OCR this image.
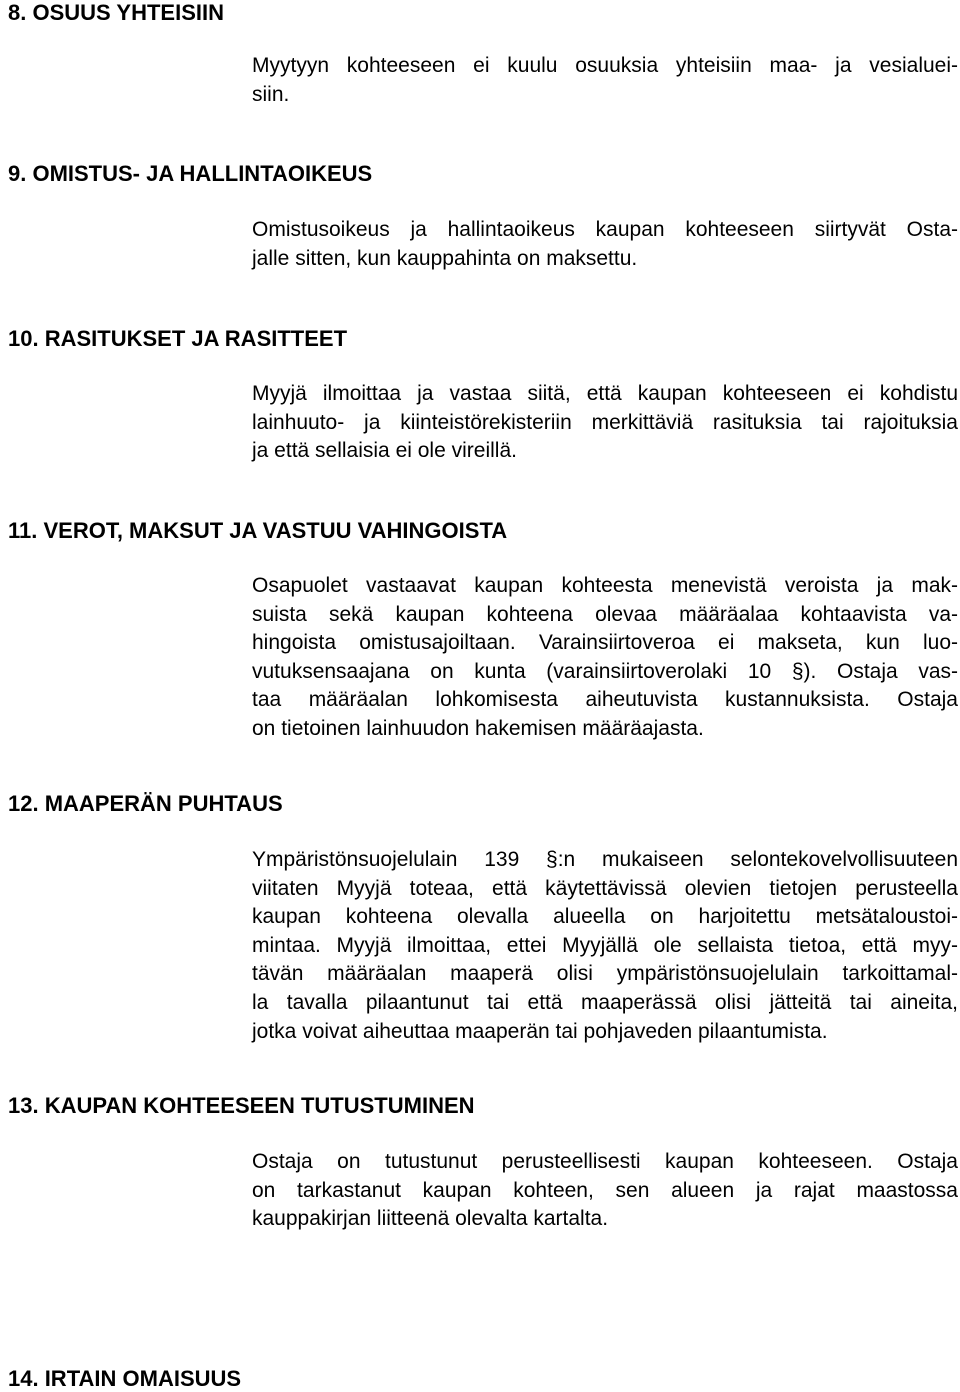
8. OSUUS YHTEISIIN
Myytyyn kohteeseen ei kuulu osuuksia yhteisiin maa- ja vesialuei-
siin.
9. OMISTUS- JA HALLINTAOIKEUS
Omistusoikeus ja hallintaoikeus kaupan kohteeseen siirtyvät Osta-
jalle sitten, kun kauppahinta on maksettu.
10. RASITUKSET JA RASITTEET
Myyjä ilmoittaa ja vastaa siitä, että kaupan kohteeseen ei kohdistu
lainhuuto- ja kiinteistörekisteriin merkittäviä rasituksia tai rajoituksia
ja että sellaisia ei ole vireillä.
11. VEROT, MAKSUT JA VASTUU VAHINGOISTA
Osapuolet vastaavat kaupan kohteesta menevistä veroista ja mak-
suista sekä kaupan kohteena olevaa määräalaa kohtaavista va-
hingoista omistusajoiltaan. Varainsiirtoveroa ei makseta, kun luo-
vutuksensaajana on kunta (varainsiirtoverolaki 10 §). Ostaja vas-
taa määräalan lohkomisesta aiheutuvista kustannuksista. Ostaja
on tietoinen lainhuudon hakemisen määräajasta.
12. MAAPERÄN PUHTAUS
Ympäristönsuojelulain 139 §:n mukaiseen selontekovelvollisuuteen
viitaten Myyjä toteaa, että käytettävissä olevien tietojen perusteella
kaupan kohteena olevalla alueella on harjoitettu metsätaloustoi-
mintaa. Myyjä ilmoittaa, ettei Myyjällä ole sellaista tietoa, että myy-
tävän määräalan maaperä olisi ympäristönsuojelulain tarkoittamal-
la tavalla pilaantunut tai että maaperässä olisi jätteitä tai aineita,
jotka voivat aiheuttaa maaperän tai pohjaveden pilaantumista.
13. KAUPAN KOHTEESEEN TUTUSTUMINEN
Ostaja on tutustunut perusteellisesti kaupan kohteeseen. Ostaja
on tarkastanut kaupan kohteen, sen alueen ja rajat maastossa
kauppakirjan liitteenä olevalta kartalta.
14. IRTAIN OMAISUUS
